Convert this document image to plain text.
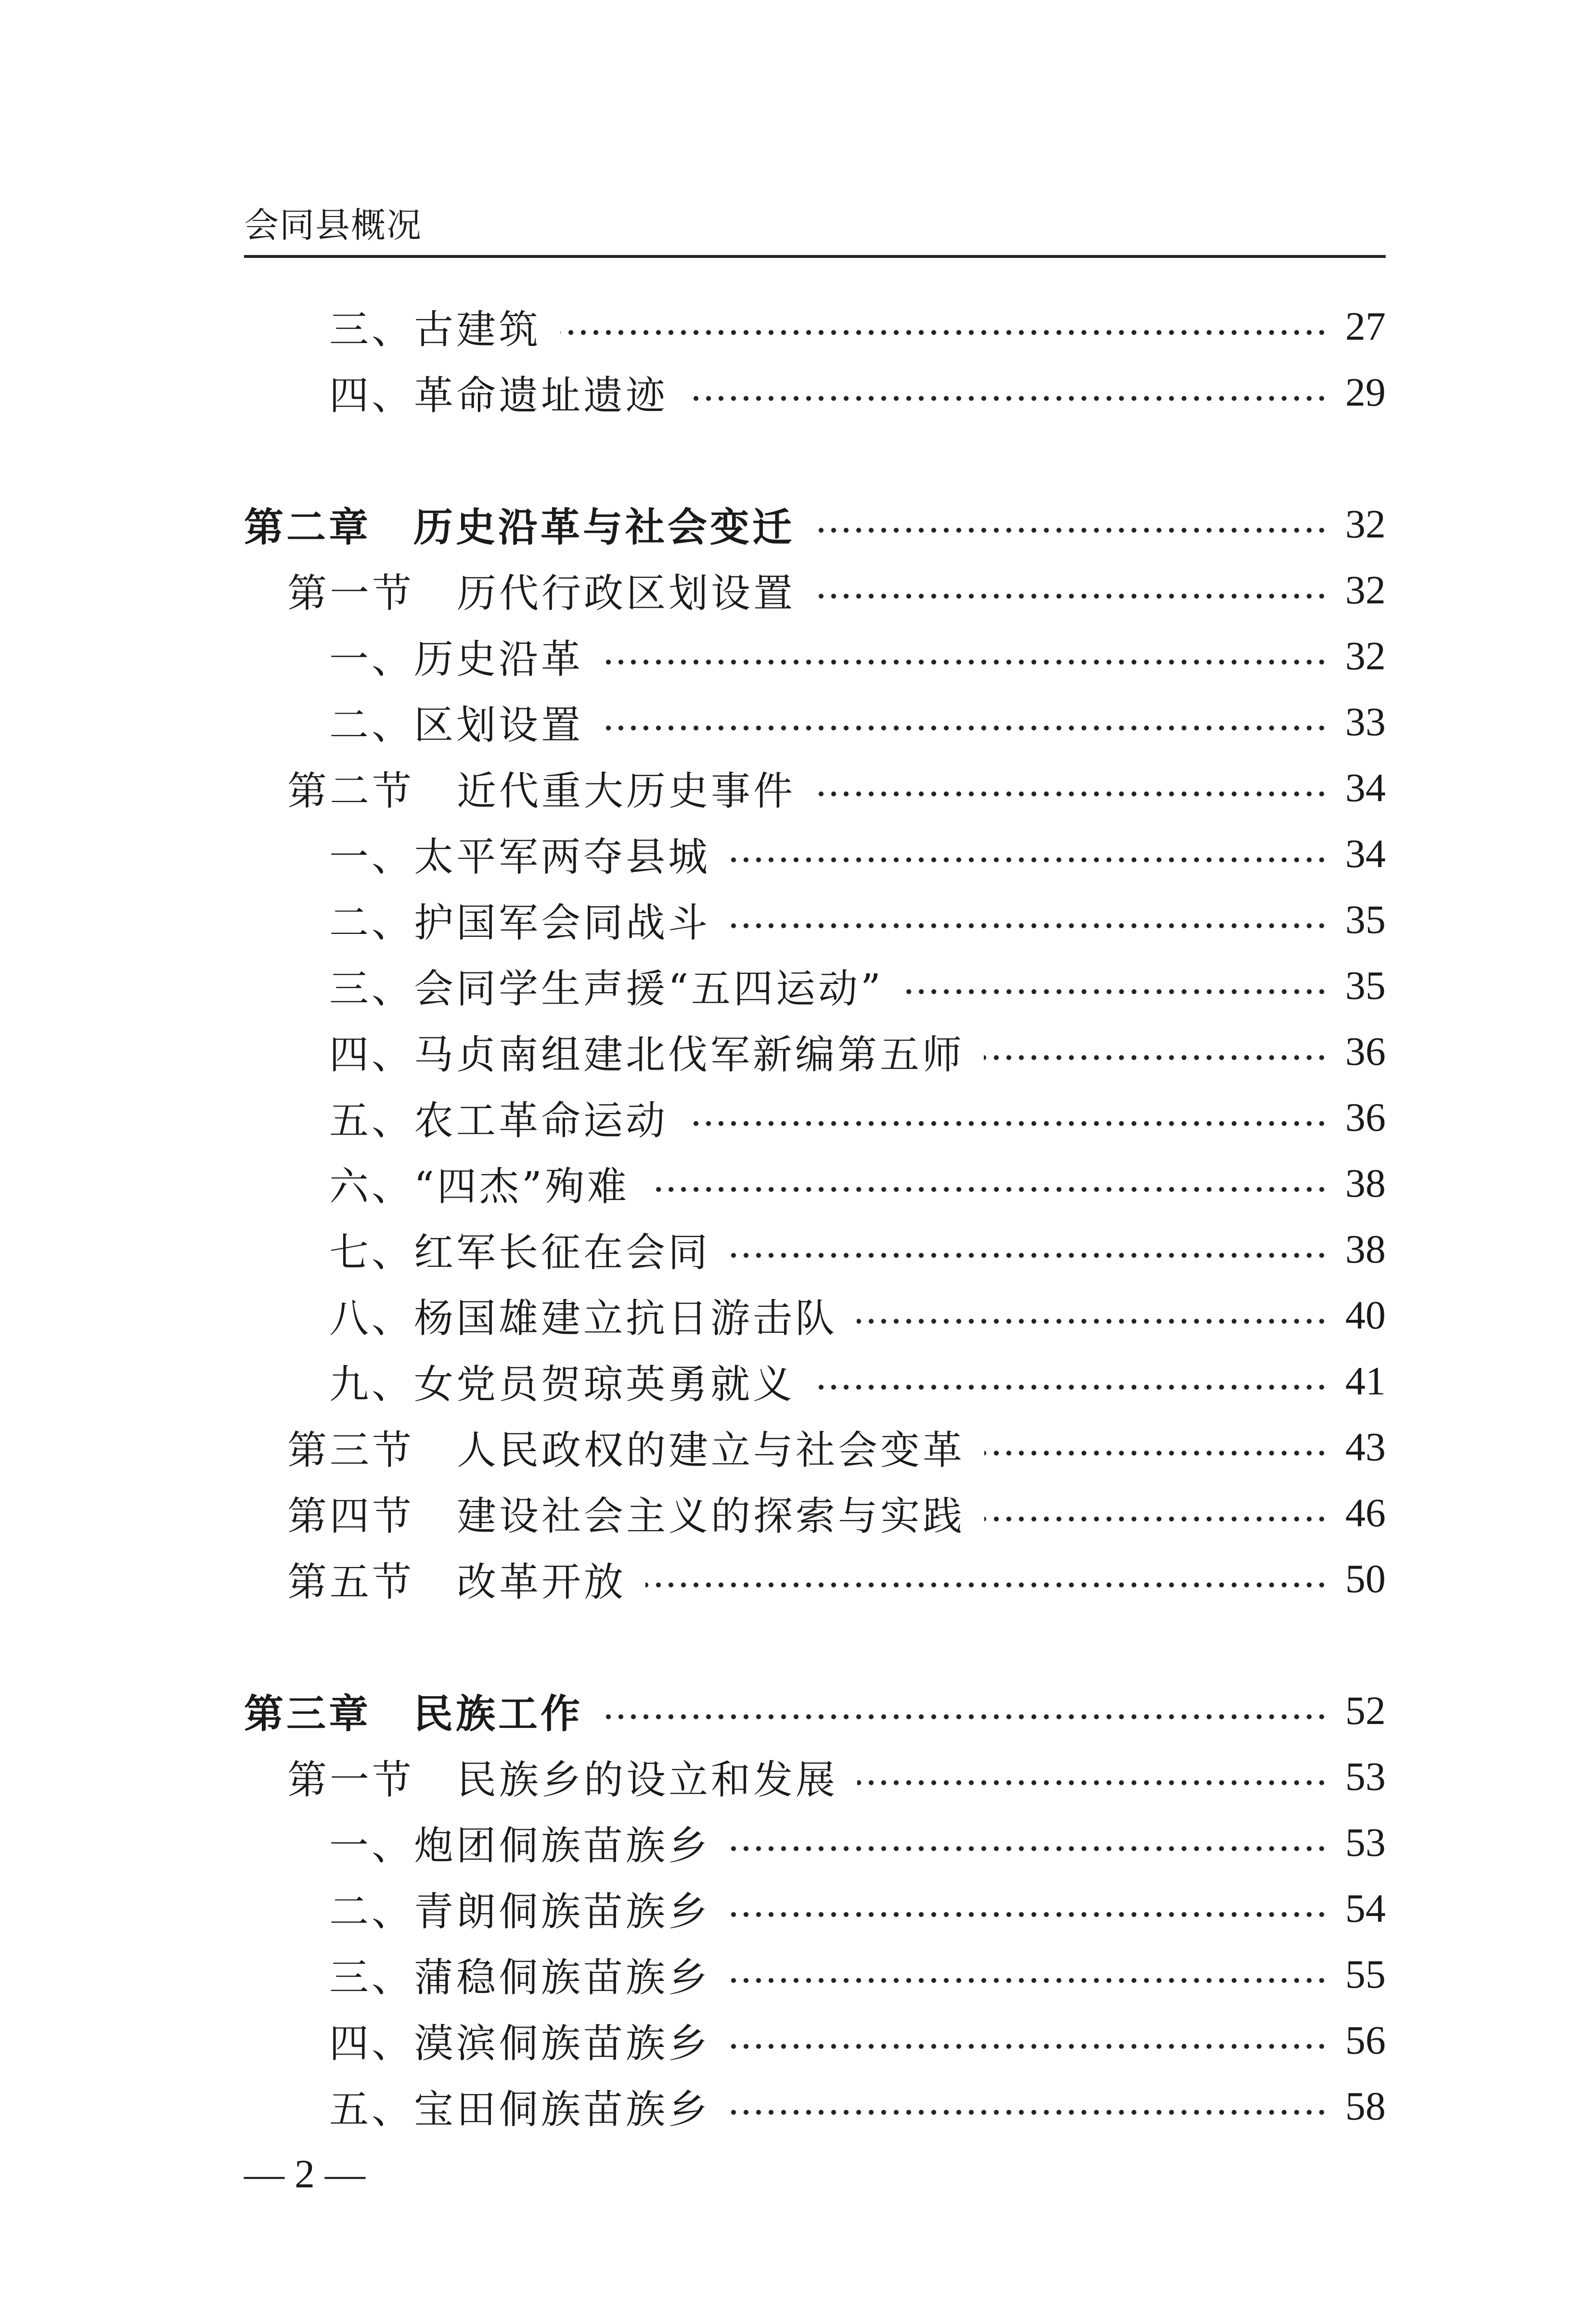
会同县概况
三、古建筑	27
四、革命遗址遗迹	29
第二章　历史沿革与社会变迁	32
第一节　历代行政区划设置	32
一、历史沿革	32
二、区划设置	33
第二节　近代重大历史事件	34
一、太平军两夺县城	34
二、护国军会同战斗	35
三、会同学生声援“五四运动”	35
四、马贞南组建北伐军新编第五师	36
五、农工革命运动	36
六、“四杰”殉难	38
七、红军长征在会同	38
八、杨国雄建立抗日游击队	40
九、女党员贺琼英勇就义	41
第三节　人民政权的建立与社会变革	43
第四节　建设社会主义的探索与实践	46
第五节　改革开放	50
第三章　民族工作	52
第一节　民族乡的设立和发展	53
一、炮团侗族苗族乡	53
二、青朗侗族苗族乡	54
三、蒲稳侗族苗族乡	55
四、漠滨侗族苗族乡	56
五、宝田侗族苗族乡	58
— 2 —
